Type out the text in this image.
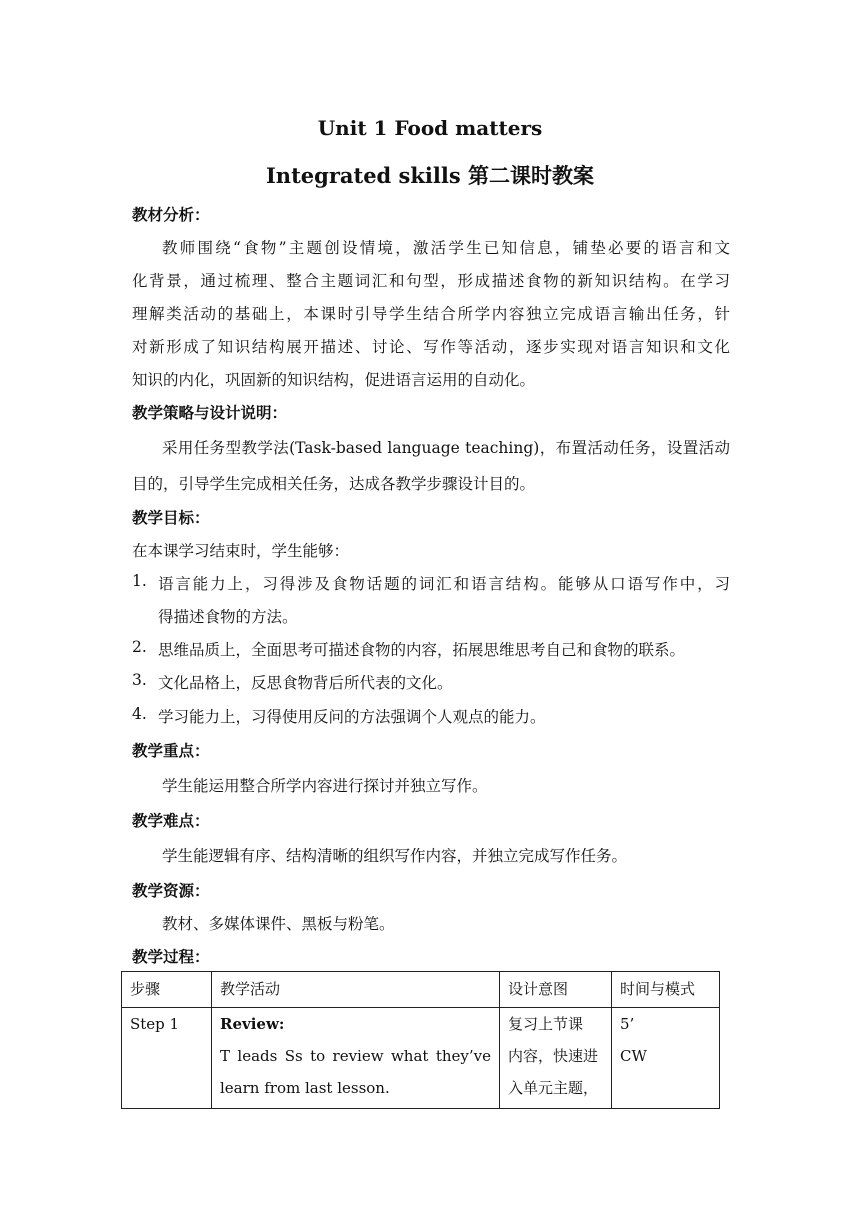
Unit 1 Food matters
Integrated skills 第二课时教案
教材分析：
教师围绕“食物”主题创设情境，激活学生已知信息，铺垫必要的语言和文
化背景，通过梳理、整合主题词汇和句型，形成描述食物的新知识结构。在学习
理解类活动的基础上，本课时引导学生结合所学内容独立完成语言输出任务，针
对新形成了知识结构展开描述、讨论、写作等活动，逐步实现对语言知识和文化
知识的内化，巩固新的知识结构，促进语言运用的自动化。
教学策略与设计说明：
采用任务型教学法(Task-based language teaching)，布置活动任务，设置活动
目的，引导学生完成相关任务，达成各教学步骤设计目的。
教学目标：
在本课学习结束时，学生能够：
1. 语言能力上，习得涉及食物话题的词汇和语言结构。能够从口语写作中，习
得描述食物的方法。
2. 思维品质上，全面思考可描述食物的内容，拓展思维思考自己和食物的联系。
3. 文化品格上，反思食物背后所代表的文化。
4. 学习能力上，习得使用反问的方法强调个人观点的能力。
教学重点：
学生能运用整合所学内容进行探讨并独立写作。
教学难点：
学生能逻辑有序、结构清晰的组织写作内容，并独立完成写作任务。
教学资源：
教材、多媒体课件、黑板与粉笔。
教学过程：
步骤	教学活动	设计意图	时间与模式

Step 1	Review:
T leads Ss to review what they’ve
learn from last lesson.	复习上节课
内容，快速进
入单元主题，	5’
CW
